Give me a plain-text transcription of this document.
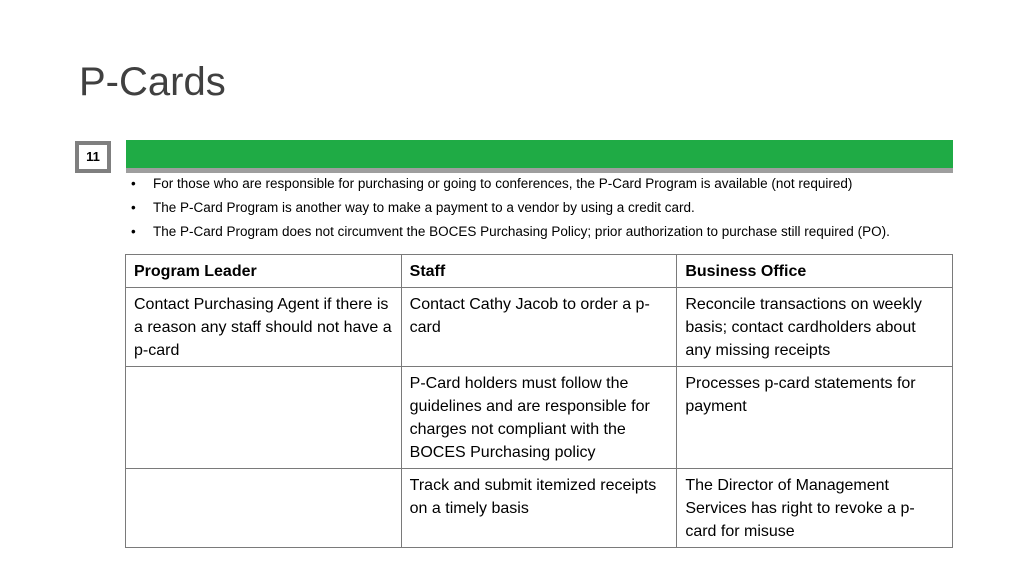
P-Cards
11
• For those who are responsible for purchasing or going to conferences, the P-Card Program is available (not required)
• The P-Card Program is another way to make a payment to a vendor by using a credit card.
• The P-Card Program does not circumvent the BOCES Purchasing Policy; prior authorization to purchase still required (PO).
Program Leader	Staff	Business Office
Contact Purchasing Agent if there is a reason any staff should not have a p-card	Contact Cathy Jacob to order a p-card	Reconcile transactions on weekly basis; contact cardholders about any missing receipts
	P-Card holders must follow the guidelines and are responsible for charges not compliant with the BOCES Purchasing policy	Processes p-card statements for payment
	Track and submit itemized receipts on a timely basis	The Director of Management Services has right to revoke a p-card for misuse
